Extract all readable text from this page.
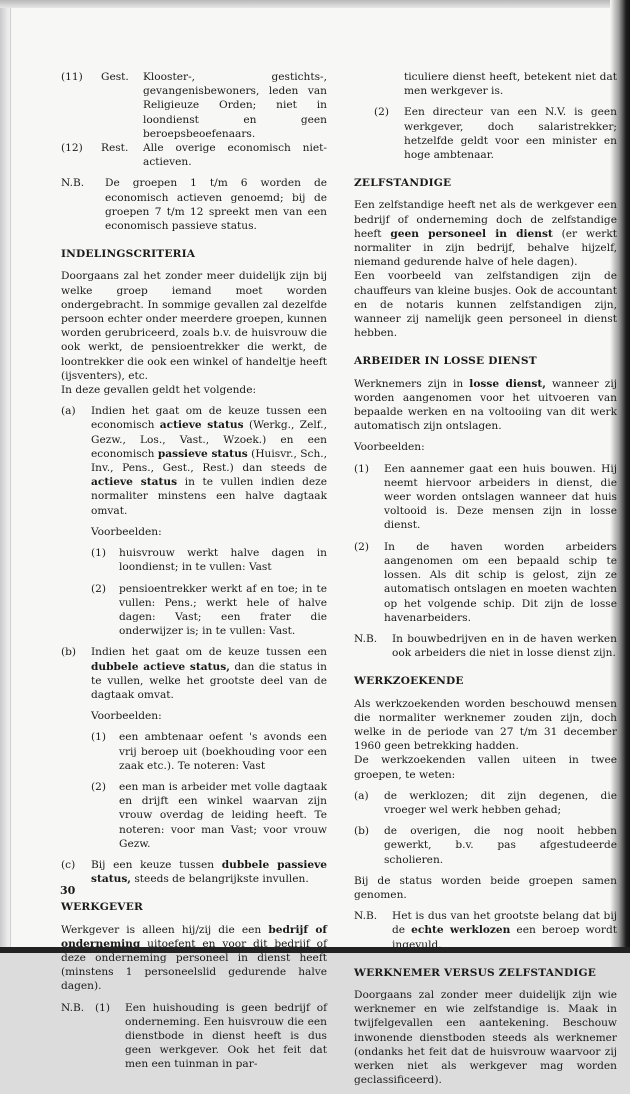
(11)	Gest.	Klooster-, gestichts-, gevangenisbewoners, leden van Religieuze Orden; niet in loondienst en geen beroepsbeoefenaars.
(12)	Rest.	Alle overige economisch niet-actieven.
N.B.	De groepen 1 t/m 6 worden de economisch actieven genoemd; bij de groepen 7 t/m 12 spreekt men van een economisch passieve status.
INDELINGSCRITERIA

Doorgaans zal het zonder meer duidelijk zijn bij welke groep iemand moet worden ondergebracht. In sommige gevallen zal dezelfde persoon echter onder meerdere groepen, kunnen worden gerubriceerd, zoals b.v. de huisvrouw die ook werkt, de pensioentrekker die werkt, de loontrekker die ook een winkel of handeltje heeft (ijsventers), etc.

In deze gevallen geldt het volgende:

(a)	Indien het gaat om de keuze tussen een economisch actieve status (Werkg., Zelf., Gezw., Los., Vast., Wzoek.) en een economisch passieve status (Huisvr., Sch., Inv., Pens., Gest., Rest.) dan steeds de actieve status in te vullen indien deze normaliter minstens een halve dagtaak omvat.

Voorbeelden:

(1)	huisvrouw werkt halve dagen in loondienst; in te vullen: Vast
(2)	pensioentrekker werkt af en toe; in te vullen: Pens.; werkt hele of halve dagen: Vast; een frater die onderwijzer is; in te vullen: Vast.
(b)	Indien het gaat om de keuze tussen een dubbele actieve status, dan die status in te vullen, welke het grootste deel van de dagtaak omvat.

Voorbeelden:

(1)	een ambtenaar oefent 's avonds een vrij beroep uit (boekhouding voor een zaak etc.). Te noteren: Vast
(2)	een man is arbeider met volle dagtaak en drijft een winkel waarvan zijn vrouw overdag de leiding heeft. Te noteren: voor man Vast; voor vrouw Gezw.
(c)	Bij een keuze tussen dubbele passieve status, steeds de belangrijkste invullen.
WERKGEVER

Werkgever is alleen hij/zij die een bedrijf of onderneming uitoefent en voor dit bedrijf of deze onderneming personeel in dienst heeft (minstens 1 personeelslid gedurende halve dagen).

N.B.	(1)	Een huishouding is geen bedrijf of onderneming. Een huisvrouw die een dienstbode in dienst heeft is dus geen werkgever. Ook het feit dat men een tuinman in par-

ticuliere dienst heeft, betekent niet dat men werkgever is.

(2)	Een directeur van een N.V. is geen werkgever, doch salaristrekker; hetzelfde geldt voor een minister en hoge ambtenaar.
ZELFSTANDIGE

Een zelfstandige heeft net als de werkgever een bedrijf of onderneming doch de zelfstandige heeft geen personeel in dienst (er werkt normaliter in zijn bedrijf, behalve hijzelf, niemand gedurende halve of hele dagen).

Een voorbeeld van zelfstandigen zijn de chauffeurs van kleine busjes. Ook de accountant en de notaris kunnen zelfstandigen zijn, wanneer zij namelijk geen personeel in dienst hebben.

ARBEIDER IN LOSSE DIENST

Werknemers zijn in losse dienst, wanneer zij worden aangenomen voor het uitvoeren van bepaalde werken en na voltooiing van dit werk automatisch zijn ontslagen.

Voorbeelden:

(1)	Een aannemer gaat een huis bouwen. Hij neemt hiervoor arbeiders in dienst, die weer worden ontslagen wanneer dat huis voltooid is. Deze mensen zijn in losse dienst.
(2)	In de haven worden arbeiders aangenomen om een bepaald schip te lossen. Als dit schip is gelost, zijn ze automatisch ontslagen en moeten wachten op het volgende schip. Dit zijn de losse havenarbeiders.
N.B.	In bouwbedrijven en in de haven werken ook arbeiders die niet in losse dienst zijn.
WERKZOEKENDE

Als werkzoekenden worden beschouwd mensen die normaliter werknemer zouden zijn, doch welke in de periode van 27 t/m 31 december 1960 geen betrekking hadden.

De werkzoekenden vallen uiteen in twee groepen, te weten:

(a)	de werklozen; dit zijn degenen, die vroeger wel werk hebben gehad;
(b)	de overigen, die nog nooit hebben gewerkt, b.v. pas afgestudeerde scholieren.

Bij de status worden beide groepen samen genomen.

N.B.	Het is dus van het grootste belang dat bij de echte werklozen een beroep wordt ingevuld.
WERKNEMER VERSUS ZELFSTANDIGE

Doorgaans zal zonder meer duidelijk zijn wie werknemer en wie zelfstandige is. Maak in twijfelgevallen een aantekening. Beschouw inwonende dienstboden steeds als werknemer (ondanks het feit dat de huisvrouw waarvoor zij werken niet als werkgever mag worden geclassificeerd).

30
